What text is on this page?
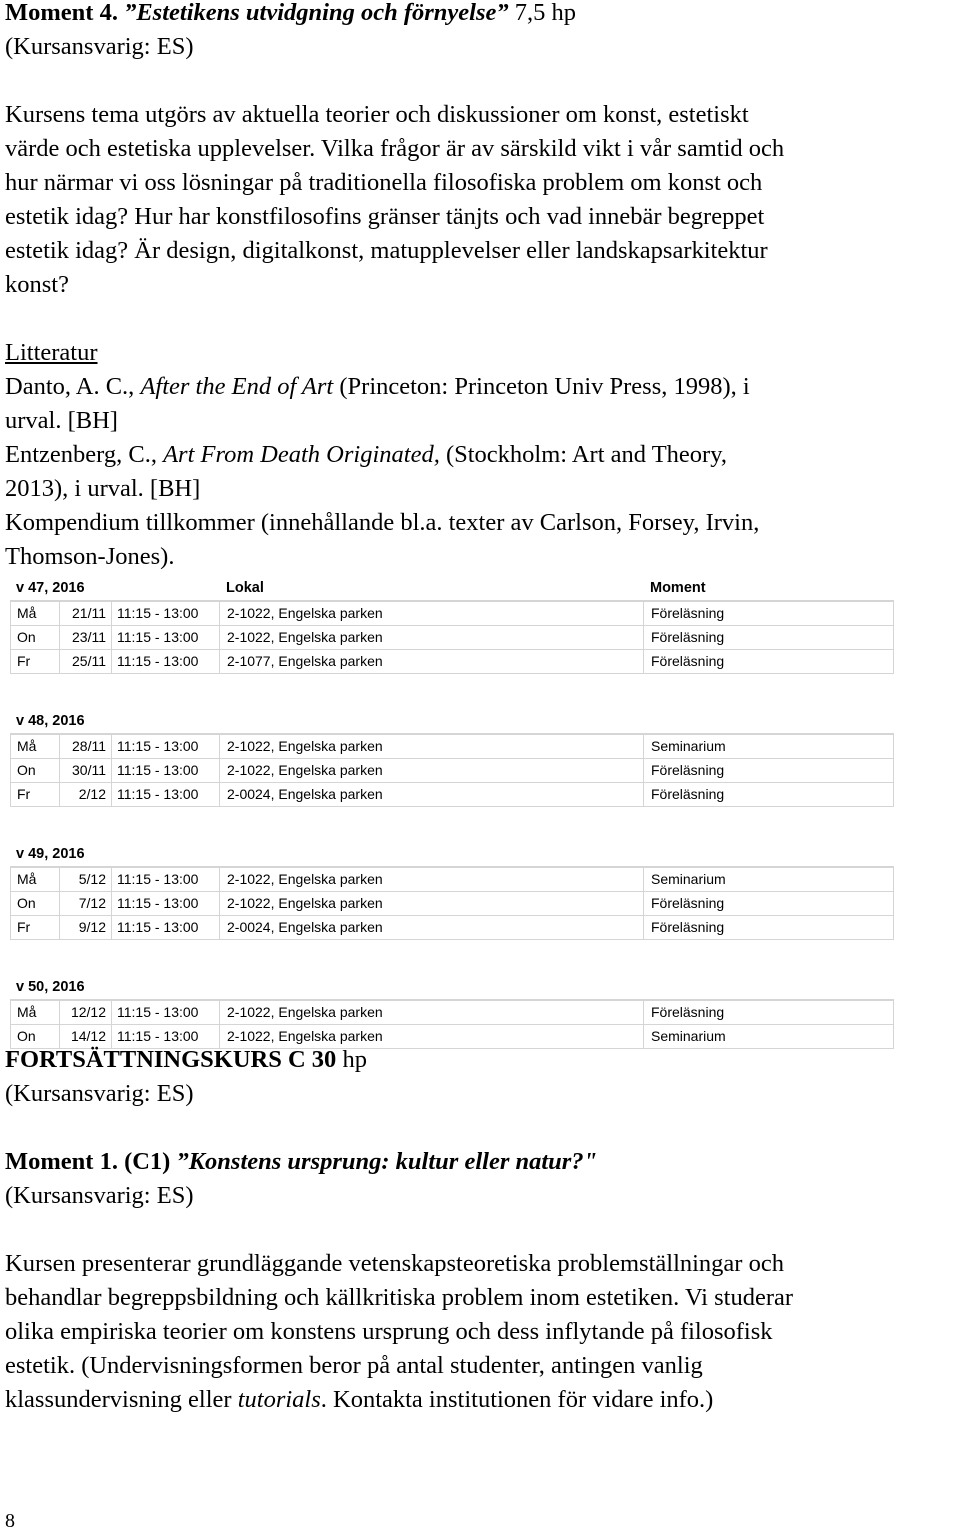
Moment 4. ”Estetikens utvidgning och förnyelse” 7,5 hp
(Kursansvarig: ES)
Kursens tema utgörs av aktuella teorier och diskussioner om konst, estetiskt
värde och estetiska upplevelser. Vilka frågor är av särskild vikt i vår samtid och
hur närmar vi oss lösningar på traditionella filosofiska problem om konst och
estetik idag? Hur har konstfilosofins gränser tänjts och vad innebär begreppet
estetik idag? Är design, digitalkonst, matupplevelser eller landskapsarkitektur
konst?
Litteratur
Danto, A. C., After the End of Art (Princeton: Princeton Univ Press, 1998), i
urval. [BH]
Entzenberg, C., Art From Death Originated, (Stockholm: Art and Theory,
2013), i urval. [BH]
Kompendium tillkommer (innehållande bl.a. texter av Carlson, Forsey, Irvin,
Thomson-Jones).
v 47, 2016	Lokal	Moment
Må	21/11 11:15 - 13:00 2-1022, Engelska parken	Föreläsning
On	23/11 11:15 - 13:00 2-1022, Engelska parken	Föreläsning
Fr	25/11 11:15 - 13:00 2-1077, Engelska parken	Föreläsning
v 48, 2016
Må	28/11 11:15 - 13:00 2-1022, Engelska parken	Seminarium
On	30/11 11:15 - 13:00 2-1022, Engelska parken	Föreläsning
Fr	2/12 11:15 - 13:00 2-0024, Engelska parken	Föreläsning
v 49, 2016
Må	5/12 11:15 - 13:00 2-1022, Engelska parken	Seminarium
On	7/12 11:15 - 13:00 2-1022, Engelska parken	Föreläsning
Fr	9/12 11:15 - 13:00 2-0024, Engelska parken	Föreläsning
v 50, 2016
Må	12/12 11:15 - 13:00 2-1022, Engelska parken	Föreläsning
On	14/12 11:15 - 13:00 2-1022, Engelska parken	Seminarium
FORTSÄTTNINGSKURS C 30 hp
(Kursansvarig: ES)
Moment 1. (C1) ”Konstens ursprung: kultur eller natur?"
(Kursansvarig: ES)
Kursen presenterar grundläggande vetenskapsteoretiska problemställningar och
behandlar begreppsbildning och källkritiska problem inom estetiken. Vi studerar
olika empiriska teorier om konstens ursprung och dess inflytande på filosofisk
estetik. (Undervisningsformen beror på antal studenter, antingen vanlig
klassundervisning eller tutorials. Kontakta institutionen för vidare info.)
8
